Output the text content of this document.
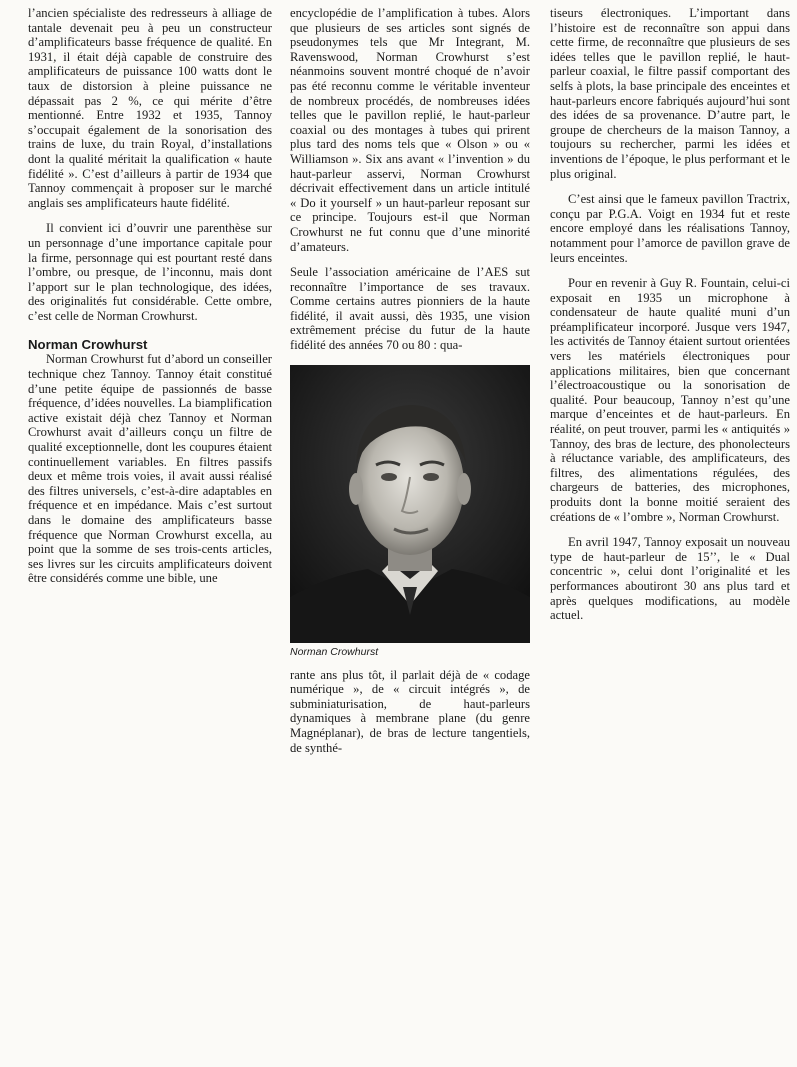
l’ancien spécialiste des redresseurs à alliage de tantale devenait peu à peu un constructeur d’amplificateurs basse fréquence de qualité. En 1931, il était déjà capable de construire des amplificateurs de puissance 100 watts dont le taux de distorsion à pleine puissance ne dépassait pas 2 %, ce qui mérite d’être mentionné. Entre 1932 et 1935, Tannoy s’occupait également de la sonorisation des trains de luxe, du train Royal, d’installations dont la qualité méritait la qualification « haute fidélité ». C’est d’ailleurs à partir de 1934 que Tannoy commençait à proposer sur le marché anglais ses amplificateurs haute fidélité.

Il convient ici d’ouvrir une parenthèse sur un personnage d’une importance capitale pour la firme, personnage qui est pourtant resté dans l’ombre, ou presque, de l’inconnu, mais dont l’apport sur le plan technologique, des idées, des originalités fut considérable. Cette ombre, c’est celle de Norman Crowhurst.

Norman Crowhurst

Norman Crowhurst fut d’abord un conseiller technique chez Tannoy. Tannoy était constitué d’une petite équipe de passionnés de basse fréquence, d’idées nouvelles. La biamplification active existait déjà chez Tannoy et Norman Crowhurst avait d’ailleurs conçu un filtre de qualité exceptionnelle, dont les coupures étaient continuellement variables. En filtres passifs deux et même trois voies, il avait aussi réalisé des filtres universels, c’est-à-dire adaptables en fréquence et en impédance. Mais c’est surtout dans le domaine des amplificateurs basse fréquence que Norman Crowhurst excella, au point que la somme de ses trois-cents articles, ses livres sur les circuits amplificateurs doivent être considérés comme une bible, une

encyclopédie de l’amplification à tubes. Alors que plusieurs de ses articles sont signés de pseudonymes tels que Mr Integrant, M. Ravenswood, Norman Crowhurst s’est néanmoins souvent montré choqué de n’avoir pas été reconnu comme le véritable inventeur de nombreux procédés, de nombreuses idées telles que le pavillon replié, le haut-parleur coaxial ou des montages à tubes qui prirent plus tard des noms tels que « Olson » ou « Williamson ». Six ans avant « l’invention » du haut-parleur asservi, Norman Crowhurst décrivait effectivement dans un article intitulé « Do it yourself » un haut-parleur reposant sur ce principe. Toujours est-il que Norman Crowhurst ne fut connu que d’une minorité d’amateurs.

Seule l’association américaine de l’AES sut reconnaître l’importance de ses travaux. Comme certains autres pionniers de la haute fidélité, il avait aussi, dès 1935, une vision extrêmement précise du futur de la haute fidélité des années 70 ou 80 : qua-

Norman Crowhurst

rante ans plus tôt, il parlait déjà de « codage numérique », de « circuit intégrés », de subminiaturisation, de haut-parleurs dynamiques à membrane plane (du genre Magnéplanar), de bras de lecture tangentiels, de synthé-

tiseurs électroniques. L’important dans l’histoire est de reconnaître son appui dans cette firme, de reconnaître que plusieurs de ses idées telles que le pavillon replié, le haut-parleur coaxial, le filtre passif comportant des selfs à plots, la base principale des enceintes et haut-parleurs encore fabriqués aujourd’hui sont des idées de sa provenance. D’autre part, le groupe de chercheurs de la maison Tannoy, a toujours su rechercher, parmi les idées et inventions de l’époque, le plus performant et le plus original.

C’est ainsi que le fameux pavillon Tractrix, conçu par P.G.A. Voigt en 1934 fut et reste encore employé dans les réalisations Tannoy, notamment pour l’amorce de pavillon grave de leurs enceintes.

Pour en revenir à Guy R. Fountain, celui-ci exposait en 1935 un microphone à condensateur de haute qualité muni d’un préamplificateur incorporé. Jusque vers 1947, les activités de Tannoy étaient surtout orientées vers les matériels électroniques pour applications militaires, bien que concernant l’électroacoustique ou la sonorisation de qualité. Pour beaucoup, Tannoy n’est qu’une marque d’enceintes et de haut-parleurs. En réalité, on peut trouver, parmi les « antiquités » Tannoy, des bras de lecture, des phonolecteurs à réluctance variable, des amplificateurs, des filtres, des alimentations régulées, des chargeurs de batteries, des microphones, produits dont la bonne moitié seraient des créations de « l’ombre », Norman Crowhurst.

En avril 1947, Tannoy exposait un nouveau type de haut-parleur de 15’’, le « Dual concentric », celui dont l’originalité et les performances aboutiront 30 ans plus tard et après quelques modifications, au modèle actuel.
